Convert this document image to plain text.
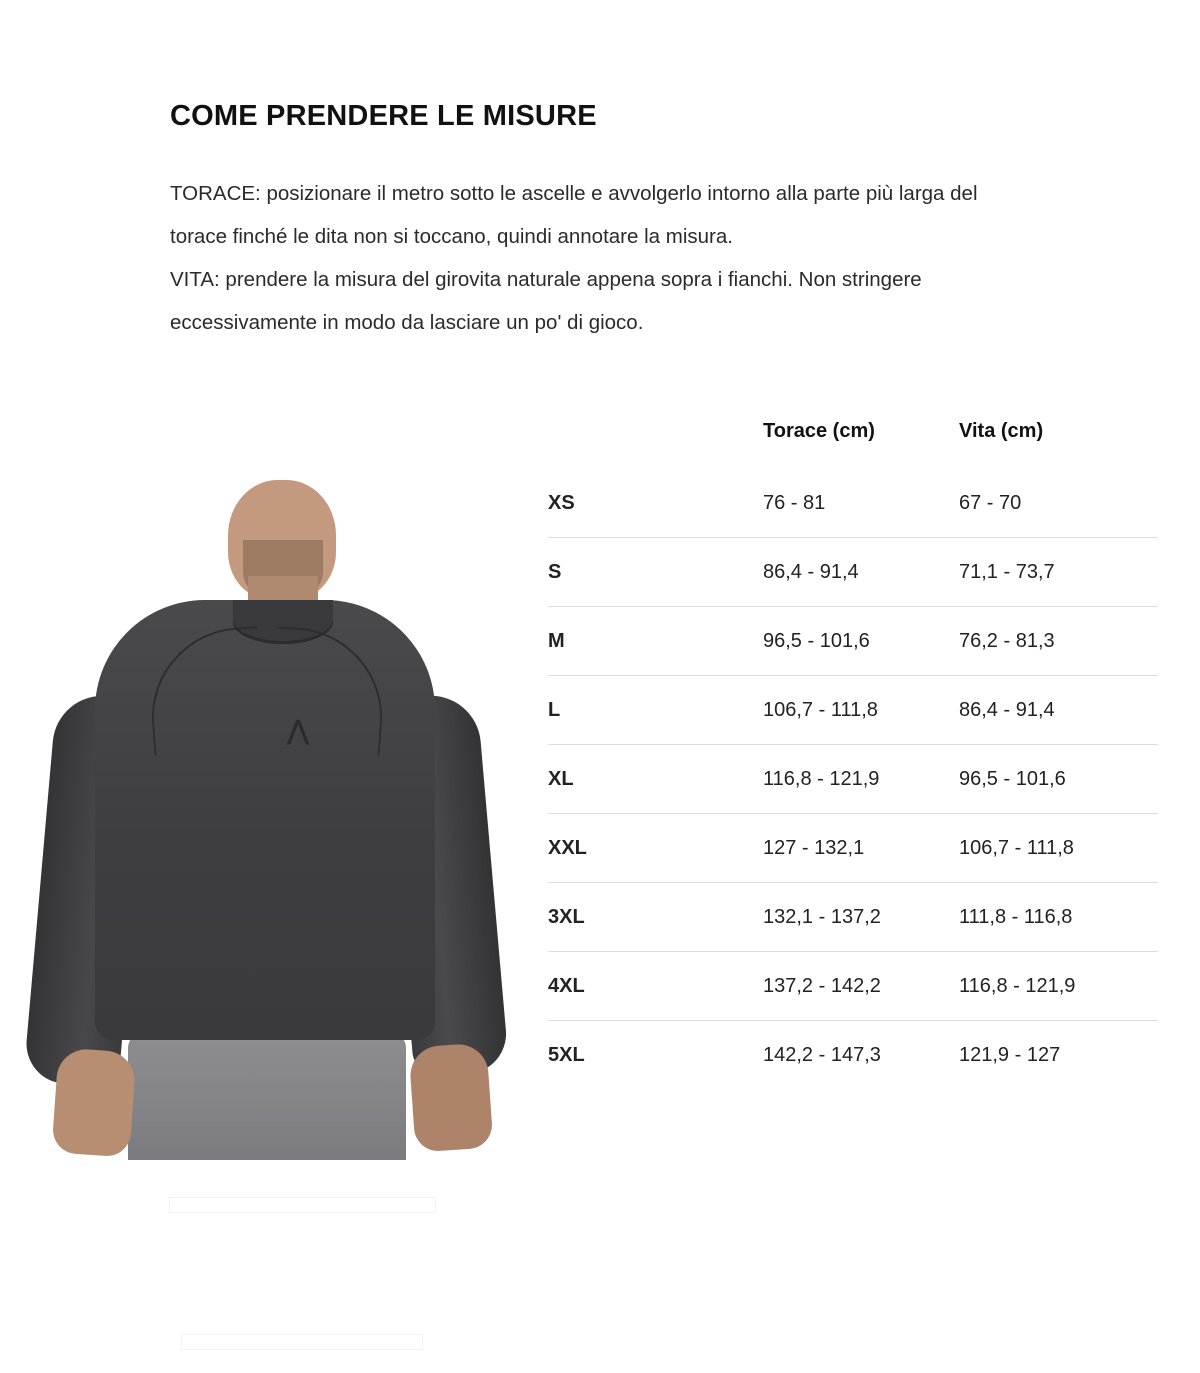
COME PRENDERE LE MISURE

TORACE: posizionare il metro sotto le ascelle e avvolgerlo intorno alla parte più larga del torace finché le dita non si toccano, quindi annotare la misura.

VITA: prendere la misura del girovita naturale appena sopra i fianchi. Non stringere eccessivamente in modo da lasciare un po' di gioco.

⋀
CHEST
WAIST
	Torace (cm)	Vita (cm)
XS	76 - 81	67 - 70
S	86,4 - 91,4	71,1 - 73,7
M	96,5 - 101,6	76,2 - 81,3
L	106,7 - 111,8	86,4 - 91,4
XL	116,8 - 121,9	96,5 - 101,6
XXL	127 - 132,1	106,7 - 111,8
3XL	132,1 - 137,2	111,8 - 116,8
4XL	137,2 - 142,2	116,8 - 121,9
5XL	142,2 - 147,3	121,9 - 127
